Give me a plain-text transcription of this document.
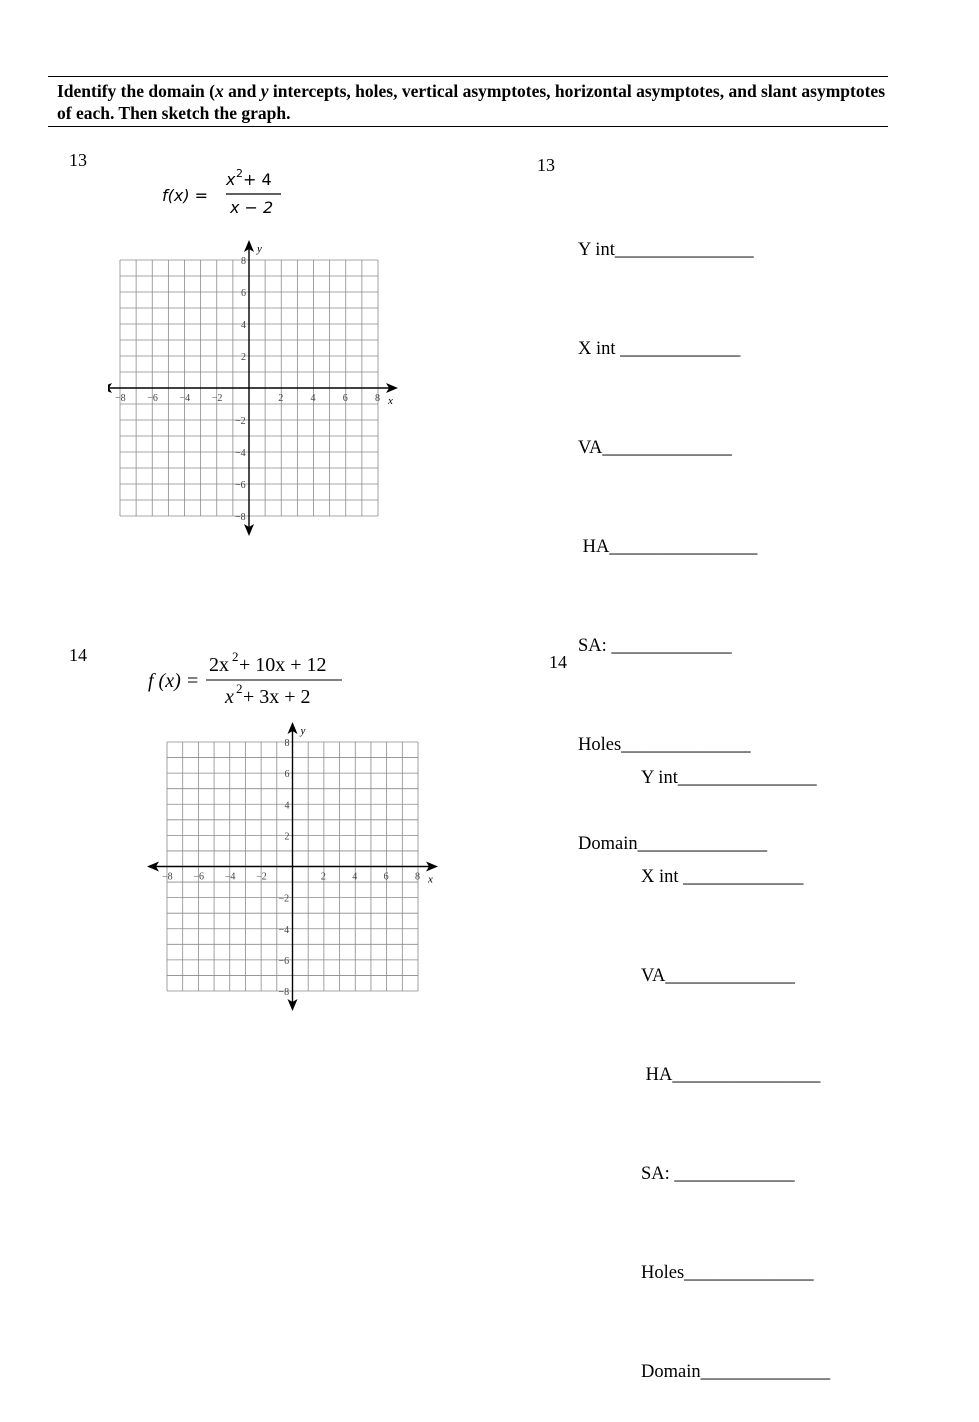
Identify the domain (x and y intercepts, holes, vertical asymptotes, horizontal asymptotes, and slant asymptotes of each. Then sketch the graph.
13
f(x) =
x 2 + 4
x − 2
x
y
−8 −6 −4 −2	2	4	6	8
8
6
4
2
−2
−4
−6
−8
13

Y int_______________

X int _____________

VA______________

HA________________

SA: _____________

Holes______________

Domain______________

14
f (x) =
2x 2 + 10x + 12
x 2 + 3x + 2
x
y
−8 −6 −4 −2	2	4	6	8
8
6
4
2
−2
−4
−6
−8
14

Y int_______________

X int _____________

VA______________

HA________________

SA: _____________

Holes______________

Domain______________
